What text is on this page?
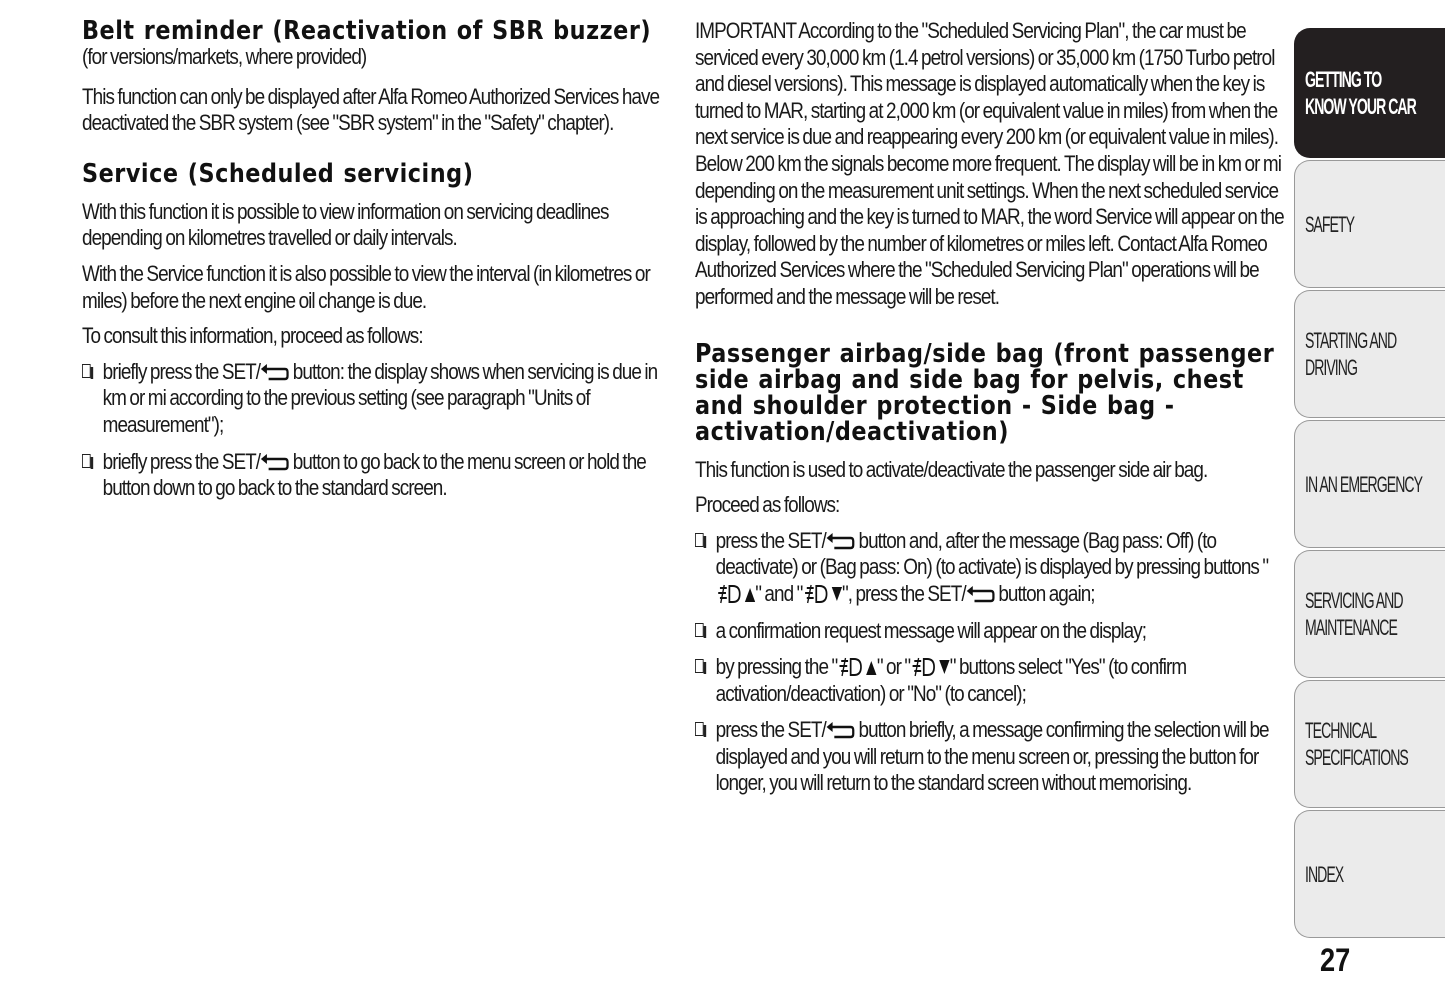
Belt reminder (Reactivation of SBR buzzer)

(for versions/markets, where provided)

This function can only be displayed after Alfa Romeo Authorized Services have deactivated the SBR system (see "SBR system" in the "Safety" chapter).

Service (Scheduled servicing)

With this function it is possible to view information on servicing deadlines depending on kilometres travelled or daily intervals.

With the Service function it is also possible to view the interval (in kilometres or miles) before the next engine oil change is due.

To consult this information, proceed as follows:

briefly press the SET/ button: the display shows when servicing is due in km or mi according to the previous setting (see paragraph "Units of measurement");
briefly press the SET/ button to go back to the menu screen or hold the button down to go back to the standard screen.

IMPORTANT According to the "Scheduled Servicing Plan", the car must be serviced every 30,000 km (1.4 petrol versions) or 35,000 km (1750 Turbo petrol and diesel versions). This message is displayed automatically when the key is turned to MAR, starting at 2,000 km (or equivalent value in miles) from when the next service is due and reappearing every 200 km (or equivalent value in miles). Below 200 km the signals become more frequent. The display will be in km or mi depending on the measurement unit settings. When the next scheduled service is approaching and the key is turned to MAR, the word Service will appear on the display, followed by the number of kilometres or miles left. Contact Alfa Romeo Authorized Services where the "Scheduled Servicing Plan" operations will be performed and the message will be reset.

Passenger airbag/side bag (front passenger side airbag and side bag for pelvis, chest and shoulder protection - Side bag - activation/deactivation)

This function is used to activate/deactivate the passenger side air bag.

Proceed as follows:

press the SET/ button and, after the message (Bag pass: Off) (to deactivate) or (Bag pass: On) (to activate) is displayed by pressing buttons "" and " ", press the SET/ button again;
a confirmation request message will appear on the display;
by pressing the " " or " " buttons select "Yes" (to confirm activation/deactivation) or "No" (to cancel);
press the SET/ button briefly, a message confirming the selection will be displayed and you will return to the menu screen or, pressing the button for longer, you will return to the standard screen without memorising.
GETTING TO
KNOW YOUR CAR
SAFETY
STARTING AND
DRIVING
IN AN EMERGENCY
SERVICING AND
MAINTENANCE
TECHNICAL
SPECIFICATIONS
INDEX
27
